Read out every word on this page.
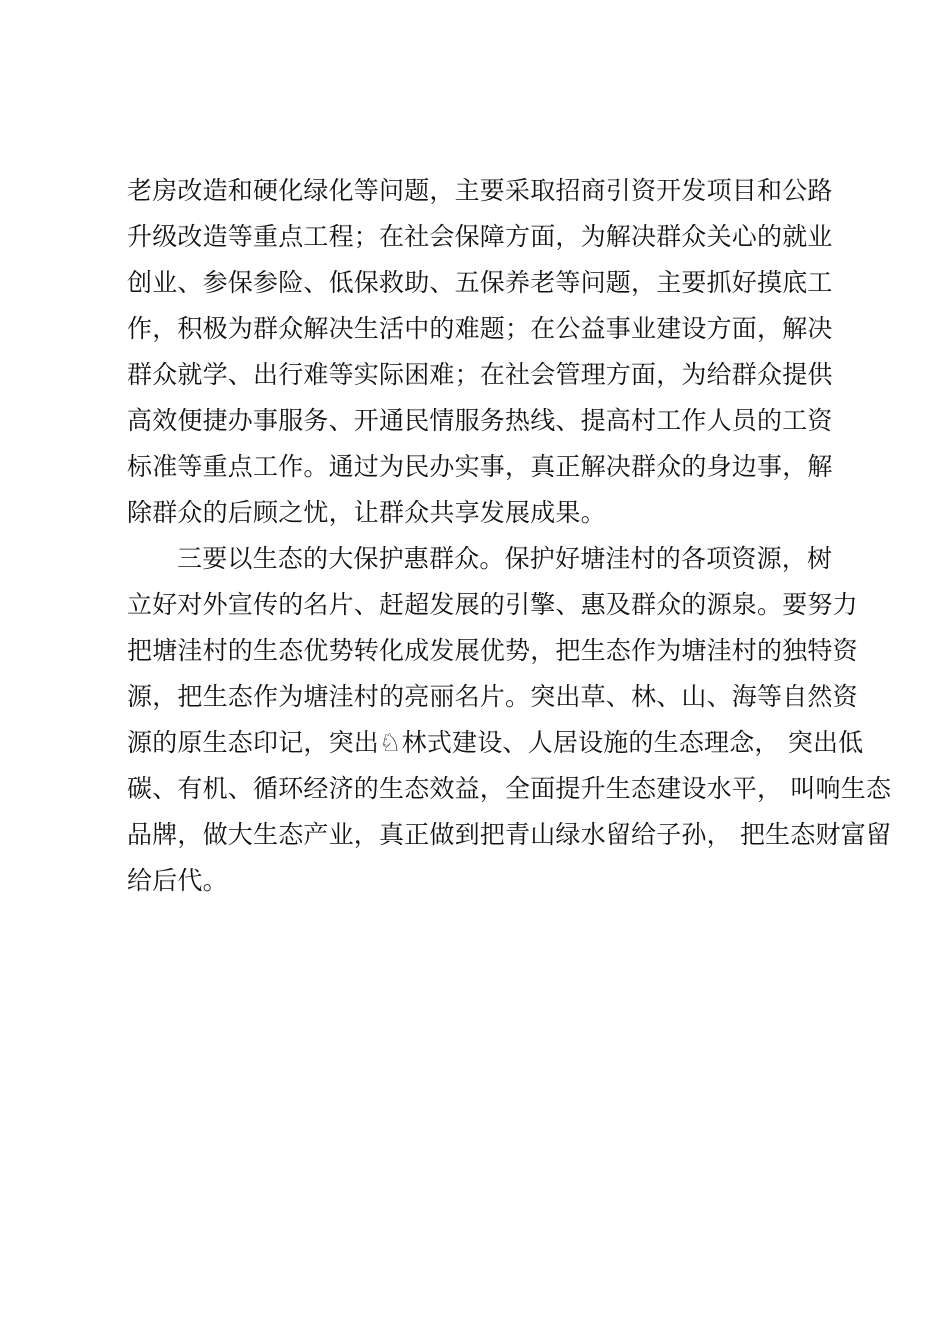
老房改造和硬化绿化等问题，主要采取招商引资开发项目和公路
升级改造等重点工程；在社会保障方面，为解决群众关心的就业
创业、参保参险、低保救助、五保养老等问题，主要抓好摸底工
作，积极为群众解决生活中的难题；在公益事业建设方面，解决
群众就学、出行难等实际困难；在社会管理方面，为给群众提供
高效便捷办事服务、开通民情服务热线、提高村工作人员的工资
标准等重点工作。通过为民办实事，真正解决群众的身边事，解
除群众的后顾之忧，让群众共享发展成果。
三要以生态的大保护惠群众。保护好塘洼村的各项资源，树
立好对外宣传的名片、赶超发展的引擎、惠及群众的源泉。要努力
把塘洼村的生态优势转化成发展优势，把生态作为塘洼村的独特资
源，把生态作为塘洼村的亮丽名片。突出草、林、山、海等自然资
源的原生态印记，突出♘林式建设、人居设施的生态理念， 突出低
碳、有机、循环经济的生态效益，全面提升生态建设水平， 叫响生态
品牌，做大生态产业，真正做到把青山绿水留给子孙， 把生态财富留
给后代。
